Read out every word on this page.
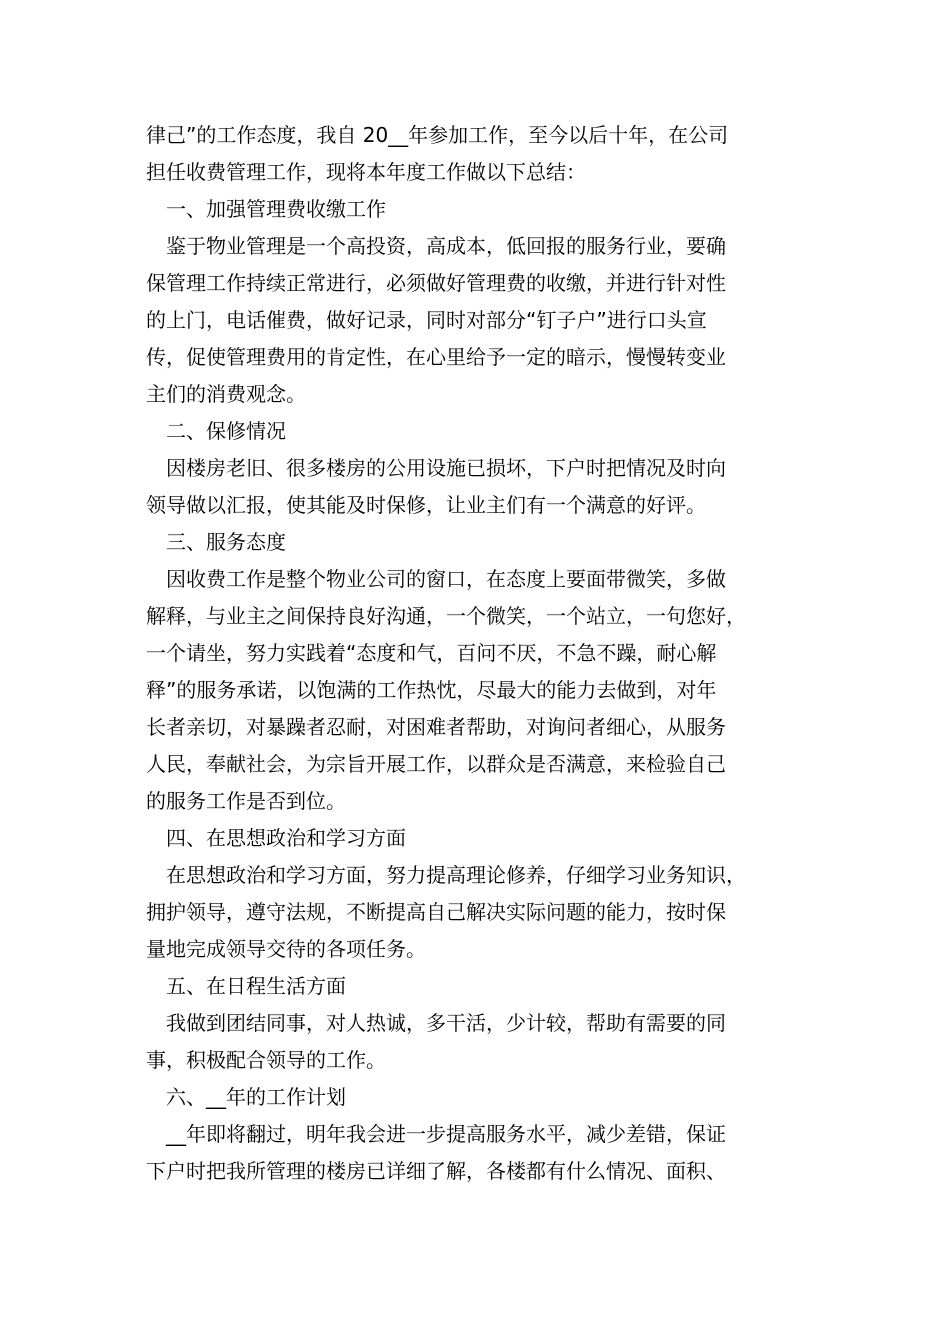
律己”的工作态度，我自 20__年参加工作，至今以后十年，在公司
担任收费管理工作，现将本年度工作做以下总结：
一、加强管理费收缴工作
鉴于物业管理是一个高投资，高成本，低回报的服务行业，要确
保管理工作持续正常进行，必须做好管理费的收缴，并进行针对性
的上门，电话催费，做好记录，同时对部分“钉子户”进行口头宣
传，促使管理费用的肯定性，在心里给予一定的暗示，慢慢转变业
主们的消费观念。
二、保修情况
因楼房老旧、很多楼房的公用设施已损坏，下户时把情况及时向
领导做以汇报，使其能及时保修，让业主们有一个满意的好评。
三、服务态度
因收费工作是整个物业公司的窗口，在态度上要面带微笑，多做
解释，与业主之间保持良好沟通，一个微笑，一个站立，一句您好，
一个请坐，努力实践着“态度和气，百问不厌，不急不躁，耐心解
释”的服务承诺，以饱满的工作热忱，尽最大的能力去做到，对年
长者亲切，对暴躁者忍耐，对困难者帮助，对询问者细心，从服务
人民，奉献社会，为宗旨开展工作，以群众是否满意，来检验自己
的服务工作是否到位。
四、在思想政治和学习方面
在思想政治和学习方面，努力提高理论修养，仔细学习业务知识，
拥护领导，遵守法规，不断提高自己解决实际问题的能力，按时保
量地完成领导交待的各项任务。
五、在日程生活方面
我做到团结同事，对人热诚，多干活，少计较，帮助有需要的同
事，积极配合领导的工作。
六、__年的工作计划
__年即将翻过，明年我会进一步提高服务水平，减少差错，保证
下户时把我所管理的楼房已详细了解，各楼都有什么情况、面积、
